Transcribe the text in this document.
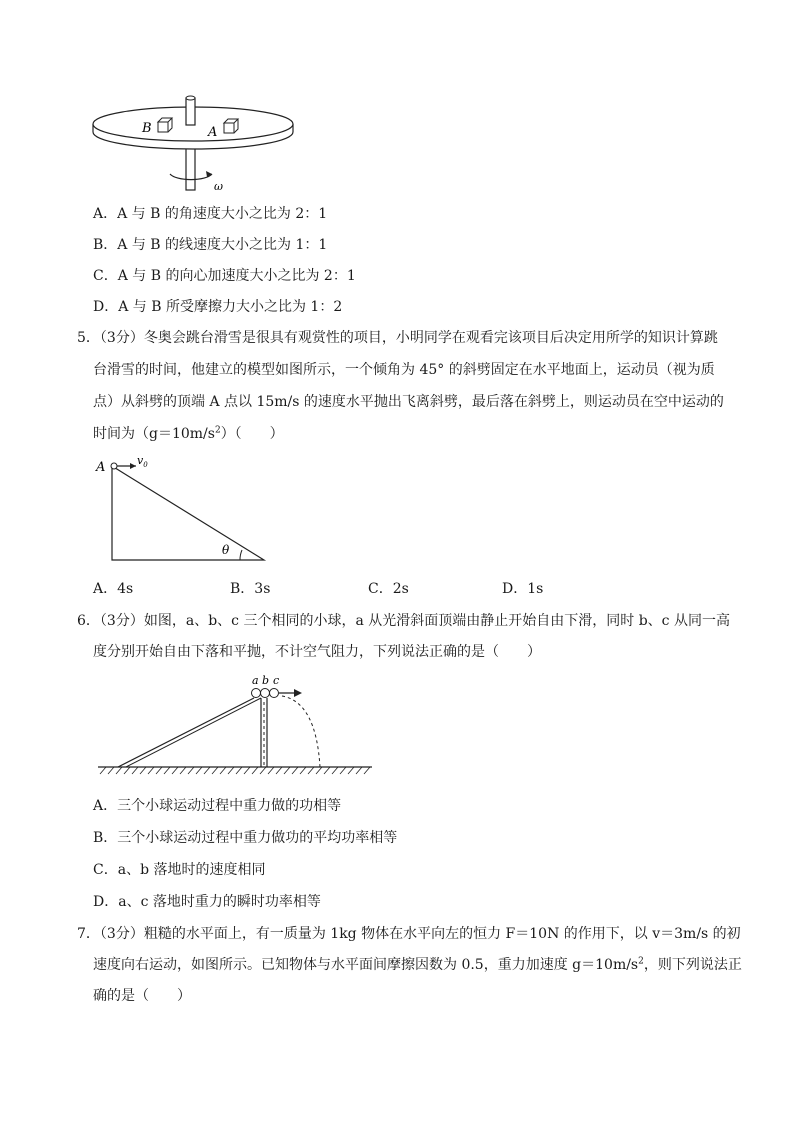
B	A
ω
A．A 与 B 的角速度大小之比为 2：1
B．A 与 B 的线速度大小之比为 1：1
C．A 与 B 的向心加速度大小之比为 2：1
D．A 与 B 所受摩擦力大小之比为 1：2
5．（3分）冬奥会跳台滑雪是很具有观赏性的项目，小明同学在观看完该项目后决定用所学的知识计算跳
台滑雪的时间，他建立的模型如图所示，一个倾角为 45° 的斜劈固定在水平地面上，运动员（视为质
点）从斜劈的顶端 A 点以 15m/s 的速度水平抛出飞离斜劈，最后落在斜劈上，则运动员在空中运动的
时间为$(g=10m/s^2)$（　　）
A	$v_0$
θ
A．4s	B．3s	C．2s	D．1s
6．（3分）如图，a、b、c 三个相同的小球，a 从光滑斜面顶端由静止开始自由下滑，同时 b、c 从同一高
度分别开始自由下落和平抛，不计空气阻力，下列说法正确的是（　　）
a b c
A．三个小球运动过程中重力做的功相等
B．三个小球运动过程中重力做功的平均功率相等
C．a、b 落地时的速度相同
D．a、c 落地时重力的瞬时功率相等
7．（3分）粗糙的水平面上，有一质量为 1kg 物体在水平向左的恒力 F＝10N 的作用下，以 v＝3m/s 的初
速度向右运动，如图所示。已知物体与水平面间摩擦因数为 0.5，重力加速度 $g=10m/s^2$，则下列说法正
确的是（　　）
